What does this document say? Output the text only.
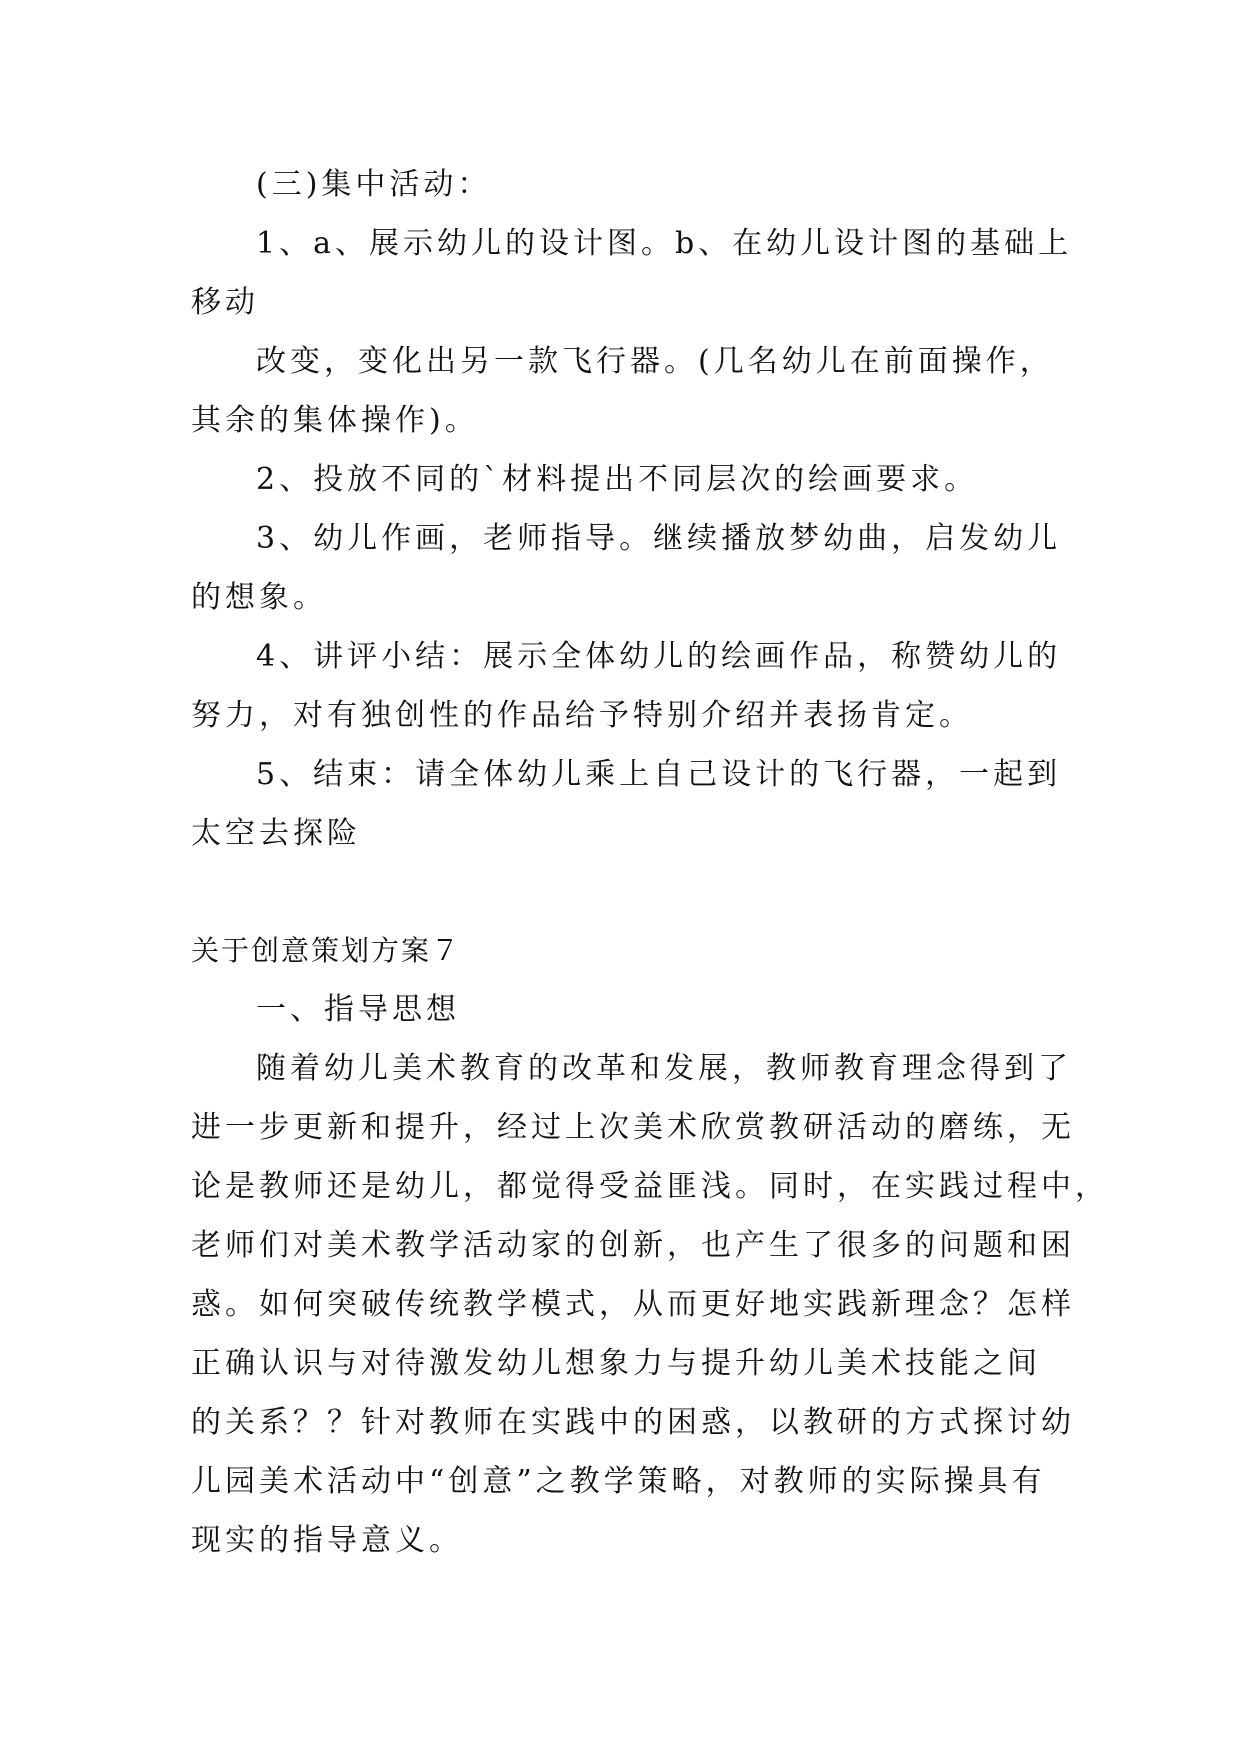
(三)集中活动：
1、a、展示幼儿的设计图。b、在幼儿设计图的基础上
移动
改变，变化出另一款飞行器。(几名幼儿在前面操作，
其余的集体操作)。
2、投放不同的`材料提出不同层次的绘画要求。
3、幼儿作画，老师指导。继续播放梦幼曲，启发幼儿
的想象。
4、讲评小结：展示全体幼儿的绘画作品，称赞幼儿的
努力，对有独创性的作品给予特别介绍并表扬肯定。
5、结束：请全体幼儿乘上自己设计的飞行器，一起到
太空去探险
关于创意策划方案７
一、指导思想
随着幼儿美术教育的改革和发展，教师教育理念得到了
进一步更新和提升，经过上次美术欣赏教研活动的磨练，无
论是教师还是幼儿，都觉得受益匪浅。同时，在实践过程中，
老师们对美术教学活动家的创新，也产生了很多的问题和困
惑。如何突破传统教学模式，从而更好地实践新理念？怎样
正确认识与对待激发幼儿想象力与提升幼儿美术技能之间
的关系？？针对教师在实践中的困惑，以教研的方式探讨幼
儿园美术活动中“创意”之教学策略，对教师的实际操具有
现实的指导意义。
